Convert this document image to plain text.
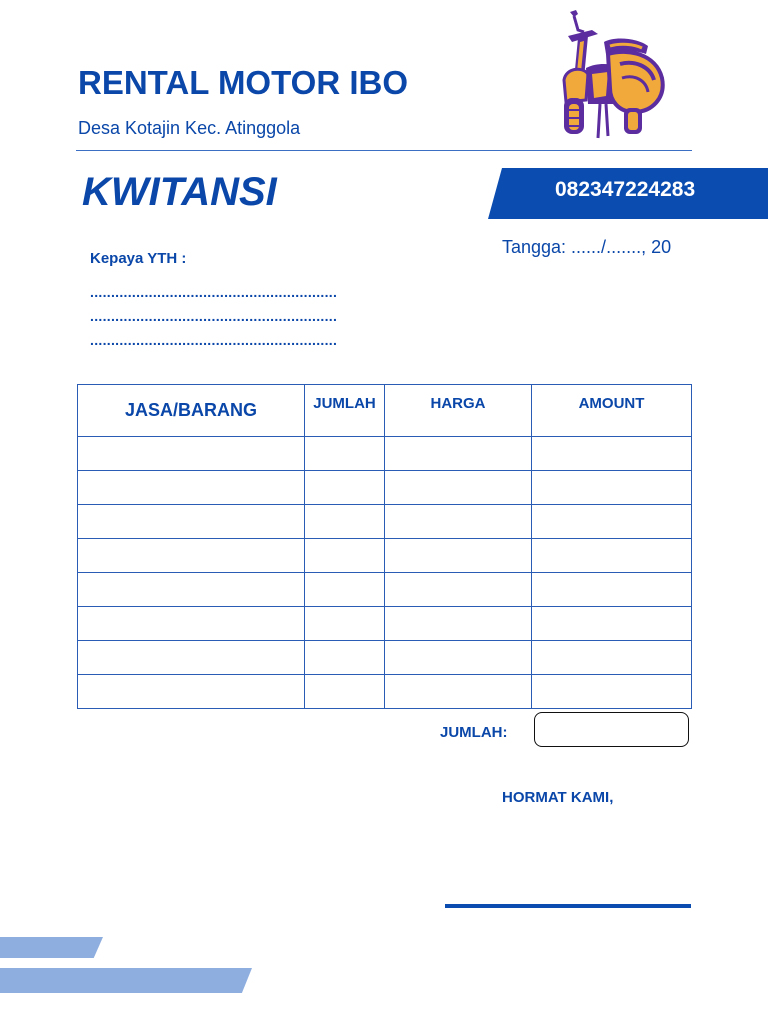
RENTAL MOTOR IBO
Desa Kotajin Kec. Atinggola
KWITANSI	082347224283
Kepaya YTH :
Tangga: ....../......., 20
...........................................................
...........................................................
...........................................................
JASA/BARANG	JUMLAH	HARGA	AMOUNT

JUMLAH:
HORMAT KAMI,
